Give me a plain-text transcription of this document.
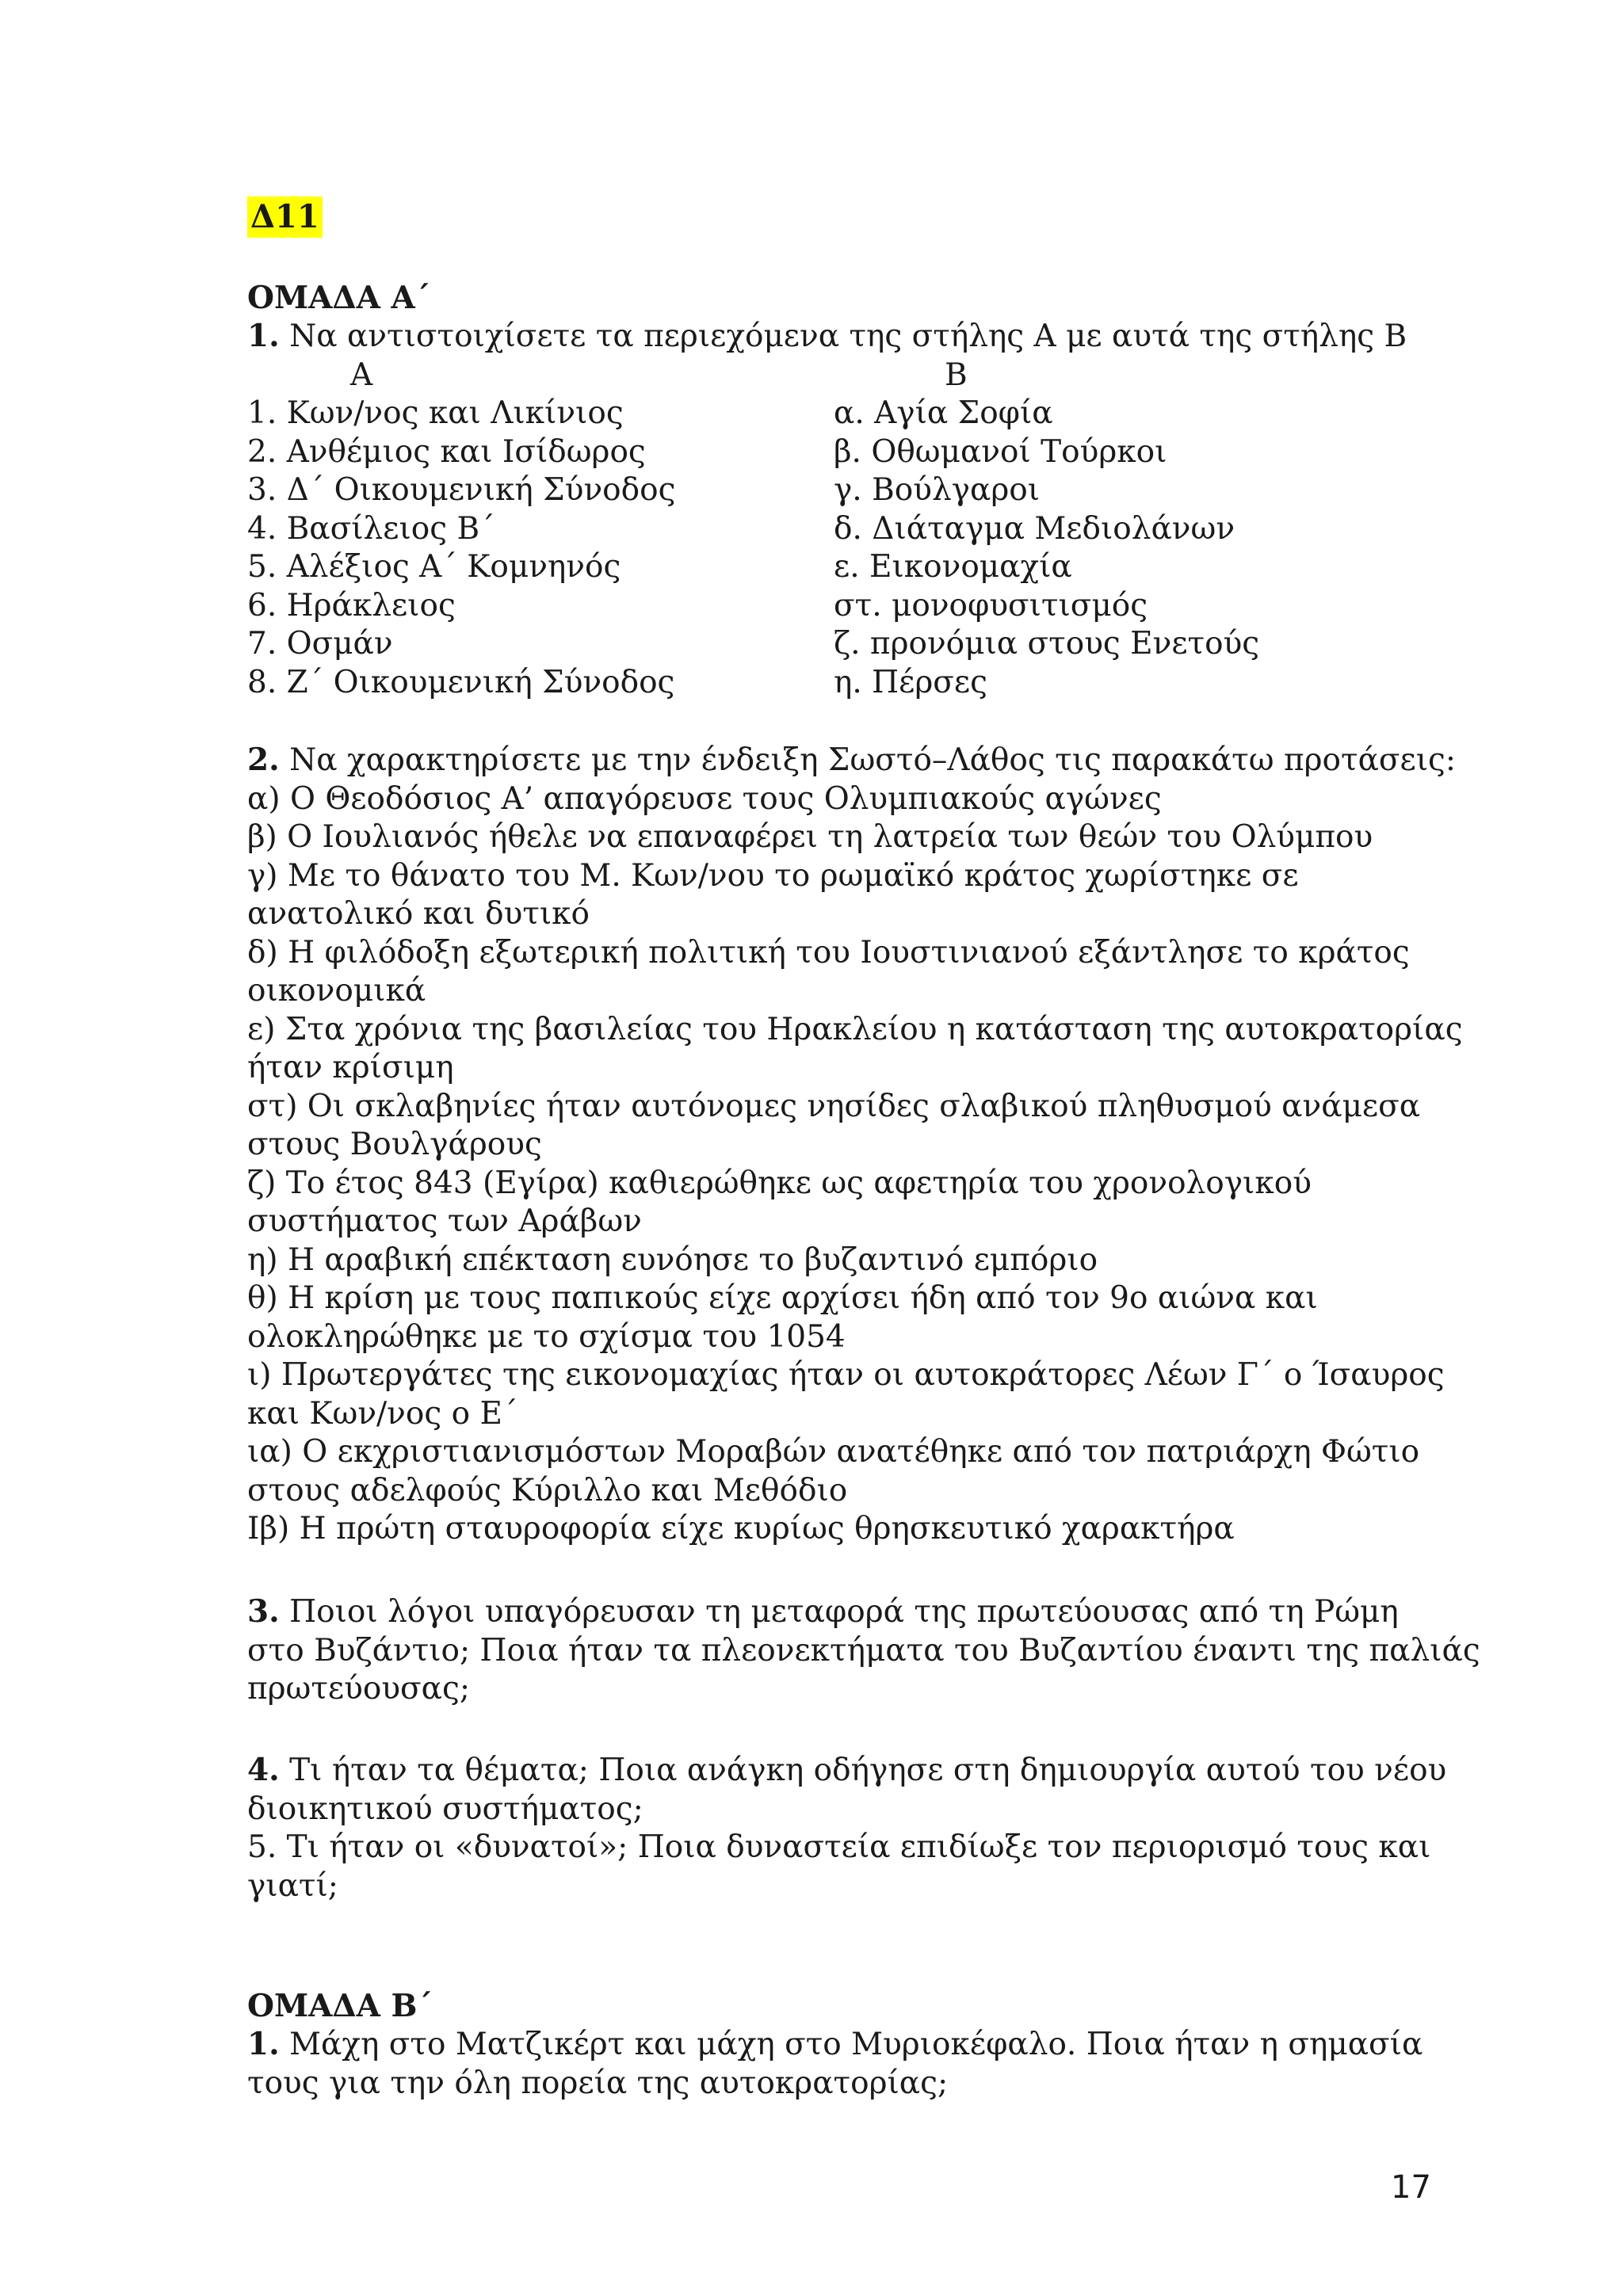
Δ11
ΟΜΑΔΑ Α΄
1. Να αντιστοιχίσετε τα περιεχόμενα της στήλης Α με αυτά της στήλης Β
Α	Β
1. Κων/νος και Λικίνιος	α. Αγία Σοφία
2. Ανθέμιος και Ισίδωρος	β. Οθωμανοί Τούρκοι
3. Δ΄ Οικουμενική Σύνοδος	γ. Βούλγαροι
4. Βασίλειος Β΄	δ. Διάταγμα Μεδιολάνων
5. Αλέξιος Α΄ Κομνηνός	ε. Εικονομαχία
6. Ηράκλειος	στ. μονοφυσιτισμός
7. Οσμάν	ζ. προνόμια στους Ενετούς
8. Ζ΄ Οικουμενική Σύνοδος	η. Πέρσες
2. Να χαρακτηρίσετε με την ένδειξη Σωστό–Λάθος τις παρακάτω προτάσεις:
α) Ο Θεοδόσιος Α’ απαγόρευσε τους Ολυμπιακούς αγώνες
β) Ο Ιουλιανός ήθελε να επαναφέρει τη λατρεία των θεών του Ολύμπου
γ) Με το θάνατο του Μ. Κων/νου το ρωμαϊκό κράτος χωρίστηκε σε
ανατολικό και δυτικό
δ) Η φιλόδοξη εξωτερική πολιτική του Ιουστινιανού εξάντλησε το κράτος
οικονομικά
ε) Στα χρόνια της βασιλείας του Ηρακλείου η κατάσταση της αυτοκρατορίας
ήταν κρίσιμη
στ) Οι σκλαβηνίες ήταν αυτόνομες νησίδες σλαβικού πληθυσμού ανάμεσα
στους Βουλγάρους
ζ) Το έτος 843 (Εγίρα) καθιερώθηκε ως αφετηρία του χρονολογικού
συστήματος των Αράβων
η) Η αραβική επέκταση ευνόησε το βυζαντινό εμπόριο
θ) Η κρίση με τους παπικούς είχε αρχίσει ήδη από τον 9ο αιώνα και
ολοκληρώθηκε με το σχίσμα του 1054
ι) Πρωτεργάτες της εικονομαχίας ήταν οι αυτοκράτορες Λέων Γ΄ ο Ίσαυρος
και Κων/νος ο Ε΄
ια) Ο εκχριστιανισμόστων Μοραβών ανατέθηκε από τον πατριάρχη Φώτιο
στους αδελφούς Κύριλλο και Μεθόδιο
Ιβ) Η πρώτη σταυροφορία είχε κυρίως θρησκευτικό χαρακτήρα
3. Ποιοι λόγοι υπαγόρευσαν τη μεταφορά της πρωτεύουσας από τη Ρώμη
στο Βυζάντιο; Ποια ήταν τα πλεονεκτήματα του Βυζαντίου έναντι της παλιάς
πρωτεύουσας;
4. Τι ήταν τα θέματα; Ποια ανάγκη οδήγησε στη δημιουργία αυτού του νέου
διοικητικού συστήματος;
5. Τι ήταν οι «δυνατοί»; Ποια δυναστεία επιδίωξε τον περιορισμό τους και
γιατί;
ΟΜΑΔΑ Β΄
1. Μάχη στο Ματζικέρτ και μάχη στο Μυριοκέφαλο. Ποια ήταν η σημασία
τους για την όλη πορεία της αυτοκρατορίας;
17
